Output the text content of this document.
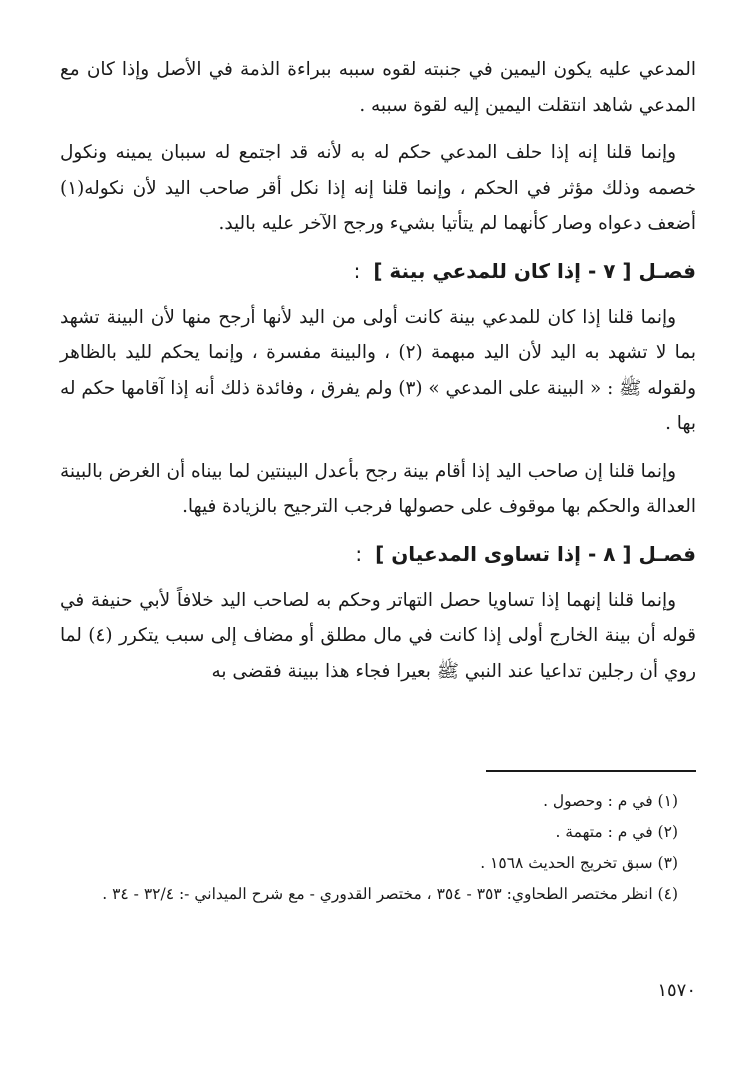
المدعي عليه يكون اليمين في جنبته لقوه سببه ببراءة الذمة في الأصل وإذا كان مع المدعي شاهد انتقلت اليمين إليه لقوة سببه .

وإنما قلنا إنه إذا حلف المدعي حكم له به لأنه قد اجتمع له سببان يمينه ونكول خصمه وذلك مؤثر في الحكم ، وإنما قلنا إنه إذا نكل أقر صاحب اليد لأن نكوله(١) أضعف دعواه وصار كأنهما لم يتأتيا بشيء ورجح الآخر عليه باليد.

فصـل [ ٧ - إذا كان للمدعي بينة ] :

وإنما قلنا إذا كان للمدعي بينة كانت أولى من اليد لأنها أرجح منها لأن البينة تشهد بما لا تشهد به اليد لأن اليد مبهمة (٢) ، والبينة مفسرة ، وإنما يحكم لليد بالظاهر ولقوله ﷺ : « البينة على المدعي » (٣) ولم يفرق ، وفائدة ذلك أنه إذا آقامها حكم له بها .

وإنما قلنا إن صاحب اليد إذا أقام بينة رجح بأعدل البينتين لما بيناه أن الغرض بالبينة العدالة والحكم بها موقوف على حصولها فرجب الترجيح بالزيادة فيها.

فصـل [ ٨ - إذا تساوى المدعيان ] :

وإنما قلنا إنهما إذا تساويا حصل التهاتر وحكم به لصاحب اليد خلافاً لأبي حنيفة في قوله أن بينة الخارج أولى إذا كانت في مال مطلق أو مضاف إلى سبب يتكرر (٤) لما روي أن رجلين تداعيا عند النبي ﷺ بعيرا فجاء هذا ببينة فقضى به

(١) في م : وحصول .

(٢) في م : متهمة .

(٣) سبق تخريج الحديث ١٥٦٨ .

(٤) انظر مختصر الطحاوي: ٣٥٣ - ٣٥٤ ، مختصر القدوري - مع شرح الميداني -: ٣٢/٤ - ٣٤ .

١٥٧٠
